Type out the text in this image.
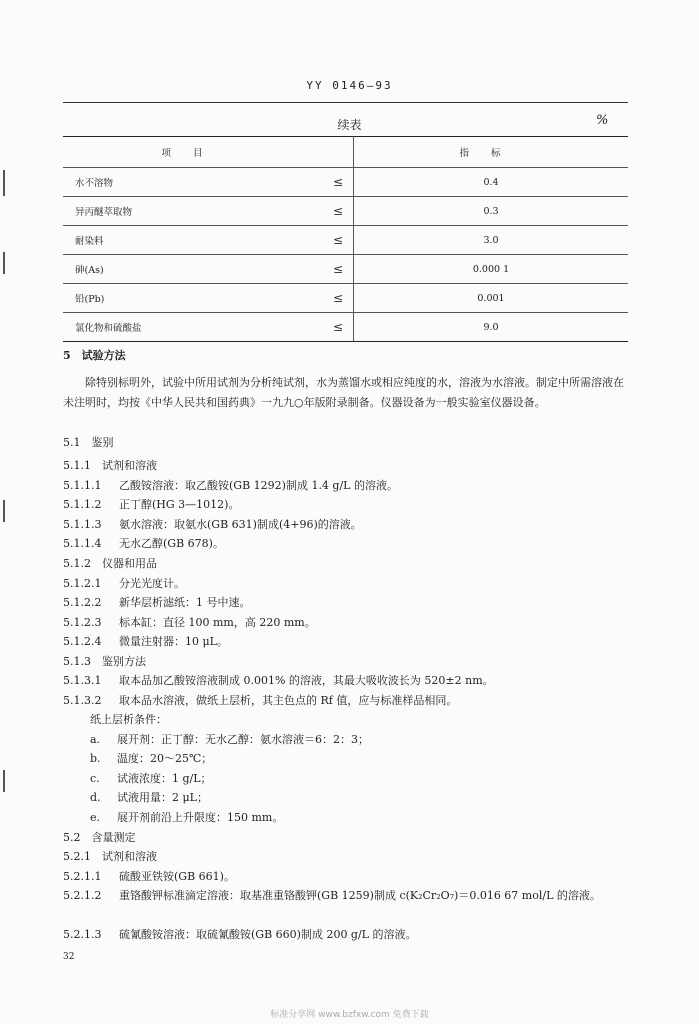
YY 0146—93
续表	%
项目		指标
水不溶物	≤	0.4
异丙醚萃取物	≤	0.3
耐染料	≤	3.0
砷(As)	≤	0.000 1
铅(Pb)	≤	0.001
氯化物和硫酸盐	≤	9.0
5　试验方法
除特别标明外，试验中所用试剂为分析纯试剂，水为蒸馏水或相应纯度的水，溶液为水溶液。制定中所需溶液在未注明时，均按《中华人民共和国药典》一九九○年版附录制备。仪器设备为一般实验室仪器设备。
5.1　鉴别
5.1.1　试剂和溶液
5.1.1.1 乙酸铵溶液：取乙酸铵(GB 1292)制成 1.4 g/L 的溶液。
5.1.1.2 正丁醇(HG 3—1012)。
5.1.1.3 氨水溶液：取氨水(GB 631)制成(4+96)的溶液。
5.1.1.4 无水乙醇(GB 678)。
5.1.2　仪器和用品
5.1.2.1 分光光度计。
5.1.2.2 新华层析滤纸：1 号中速。
5.1.2.3 标本缸：直径 100 mm，高 220 mm。
5.1.2.4 微量注射器：10 μL。
5.1.3　鉴别方法
5.1.3.1 取本品加乙酸铵溶液制成 0.001% 的溶液，其最大吸收波长为 520±2 nm。
5.1.3.2 取本品水溶液，做纸上层析，其主色点的 Rf 值，应与标准样品相同。
纸上层析条件：
a. 展开剂：正丁醇：无水乙醇：氨水溶液＝6：2：3；
b. 温度：20～25℃；
c. 试液浓度：1 g/L；
d. 试液用量：2 μL；
e. 展开剂前沿上升限度：150 mm。
5.2　含量测定
5.2.1　试剂和溶液
5.2.1.1 硫酸亚铁铵(GB 661)。
5.2.1.2 重铬酸钾标准滴定溶液：取基准重铬酸钾(GB 1259)制成 c(K₂Cr₂O₇)＝0.016 67 mol/L 的溶液。
5.2.1.3 硫氰酸铵溶液：取硫氰酸铵(GB 660)制成 200 g/L 的溶液。
32
标准分享网 www.bzfxw.com 免费下载
